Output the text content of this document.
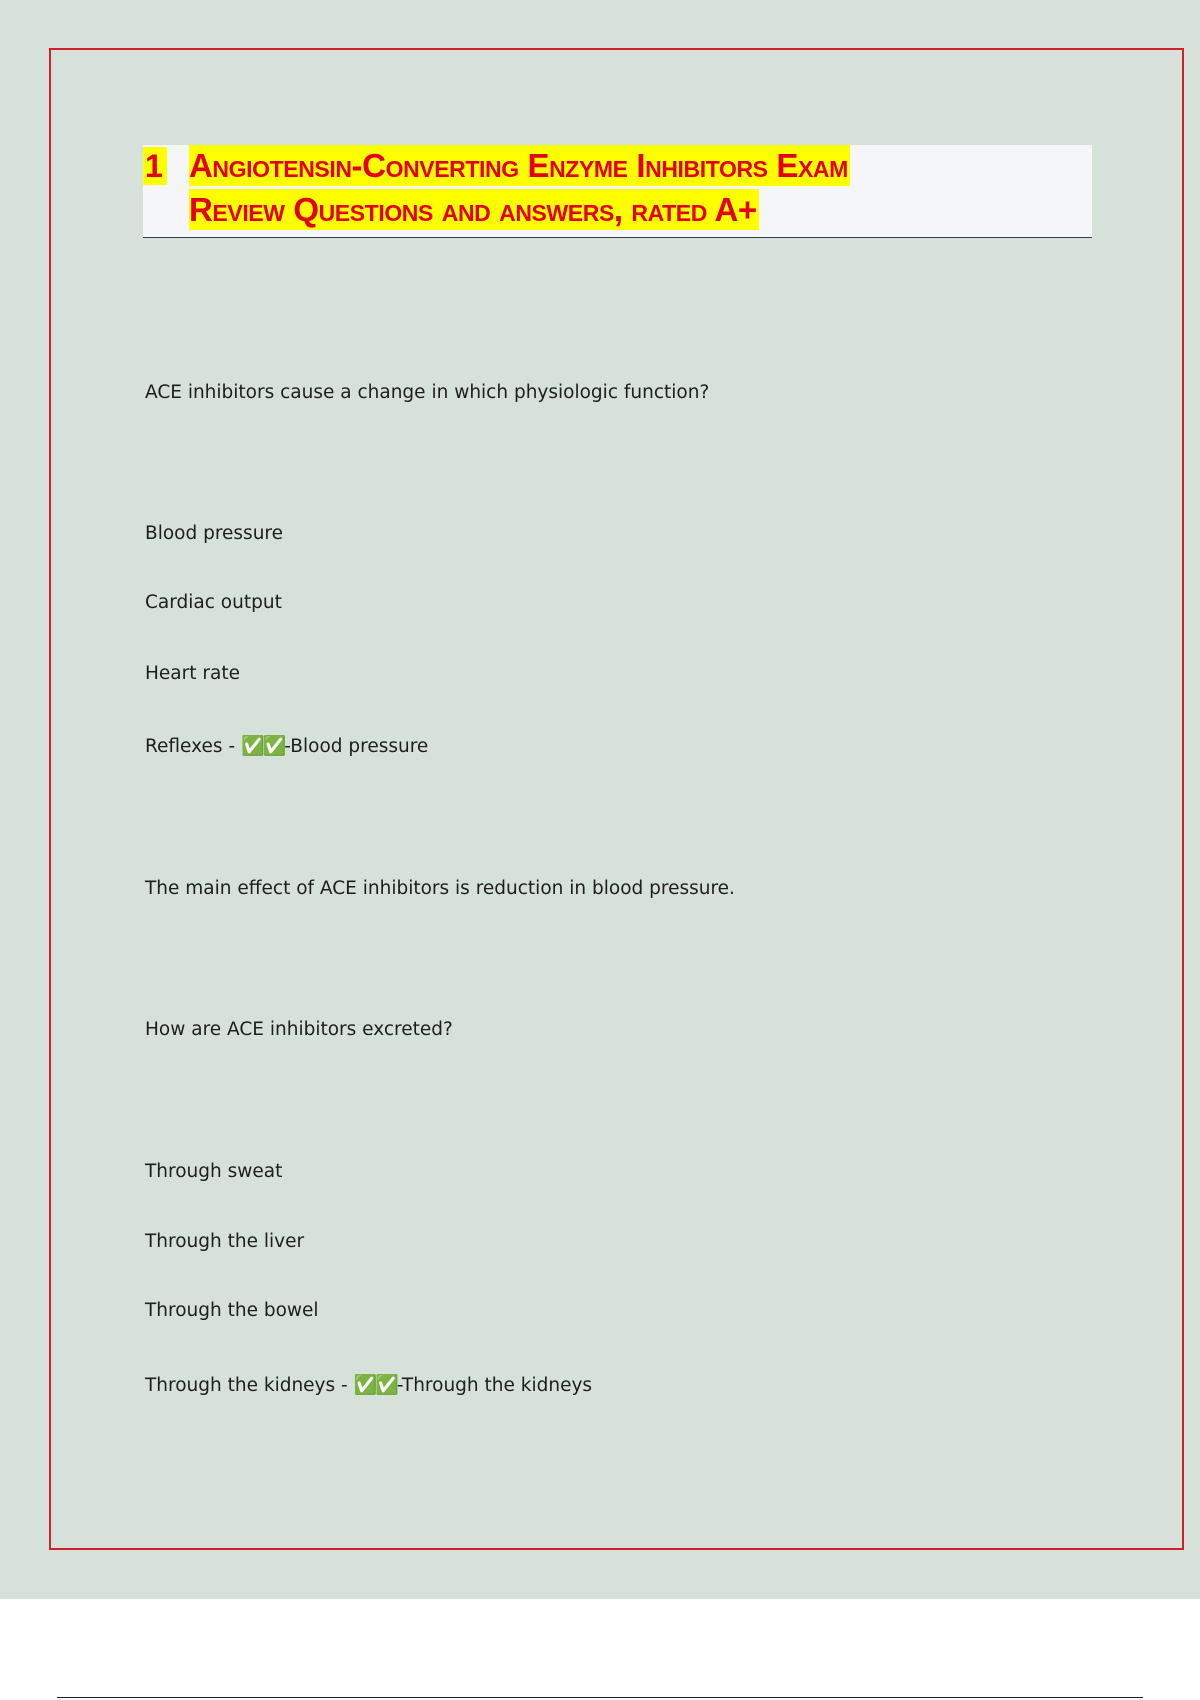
1 Angiotensin-Converting Enzyme Inhibitors Exam
Review Questions and answers, rated A+
ACE inhibitors cause a change in which physiologic function?
Blood pressure
Cardiac output
Heart rate
Reflexes - ✅✅-Blood pressure
The main effect of ACE inhibitors is reduction in blood pressure.
How are ACE inhibitors excreted?
Through sweat
Through the liver
Through the bowel
Through the kidneys - ✅✅-Through the kidneys
